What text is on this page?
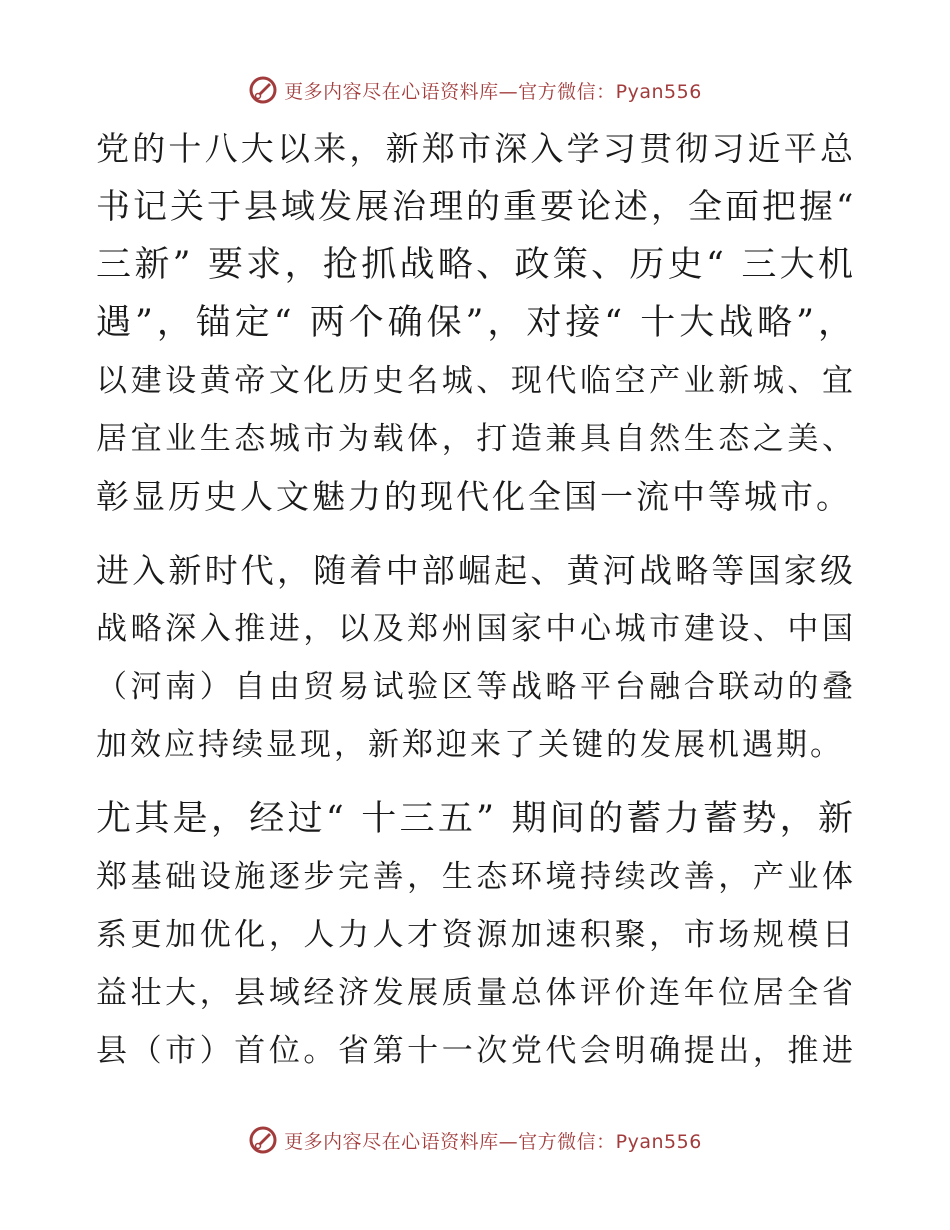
更多内容尽在心语资料库—官方微信：Pyan556
党的十八大以来，新郑市深入学习贯彻习近平总
书记关于县域发展治理的重要论述，全面把握“
三新” 要求，抢抓战略、政策、历史“ 三大机
遇”，锚定“ 两个确保”，对接“ 十大战略”，
以建设黄帝文化历史名城、现代临空产业新城、宜
居宜业生态城市为载体，打造兼具自然生态之美、
彰显历史人文魅力的现代化全国一流中等城市。
进入新时代，随着中部崛起、黄河战略等国家级
战略深入推进，以及郑州国家中心城市建设、中国
（河南）自由贸易试验区等战略平台融合联动的叠
加效应持续显现，新郑迎来了关键的发展机遇期。
尤其是，经过“ 十三五” 期间的蓄力蓄势，新
郑基础设施逐步完善，生态环境持续改善，产业体
系更加优化，人力人才资源加速积聚，市场规模日
益壮大，县域经济发展质量总体评价连年位居全省
县（市）首位。省第十一次党代会明确提出，推进
更多内容尽在心语资料库—官方微信：Pyan556
